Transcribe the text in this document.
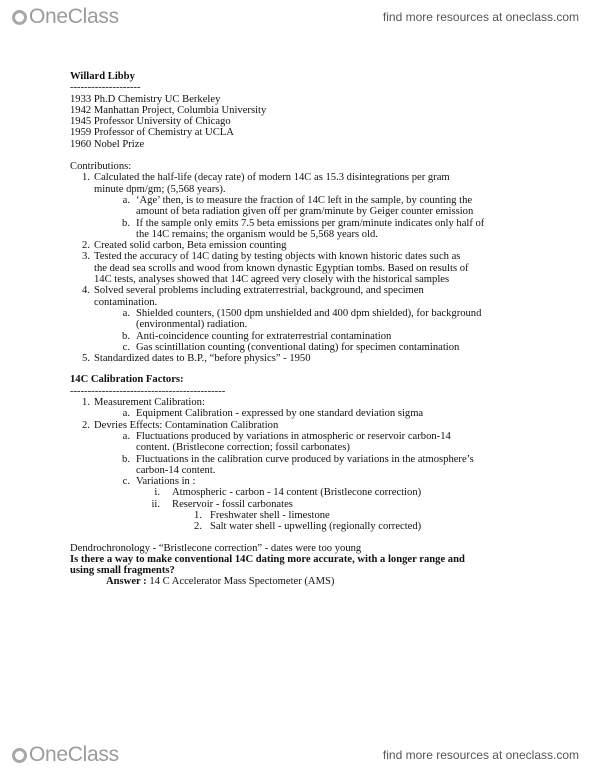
OneClass	find more resources at oneclass.com
Willard Libby
--------------------
1933 Ph.D Chemistry UC Berkeley
1942 Manhattan Project, Columbia University
1945 Professor University of Chicago
1959 Professor of Chemistry at UCLA
1960 Nobel Prize
Contributions:
1. Calculated the half-life (decay rate) of modern 14C as 15.3 disintegrations per gram
minute dpm/gm; (5,568 years).
a. ‘Age’ then, is to measure the fraction of 14C left in the sample, by counting the
amount of beta radiation given off per gram/minute by Geiger counter emission
b. If the sample only emits 7.5 beta emissions per gram/minute indicates only half of
the 14C remains; the organism would be 5,568 years old.
2. Created solid carbon, Beta emission counting
3. Tested the accuracy of 14C dating by testing objects with known historic dates such as
the dead sea scrolls and wood from known dynastic Egyptian tombs. Based on results of
14C tests, analyses showed that 14C agreed very closely with the historical samples
4. Solved several problems including extraterrestrial, background, and specimen
contamination.
a. Shielded counters, (1500 dpm unshielded and 400 dpm shielded), for background
(environmental) radiation.
b. Anti-coincidence counting for extraterrestrial contamination
c. Gas scintillation counting (conventional dating) for specimen contamination
5. Standardized dates to B.P., “before physics” - 1950
14C Calibration Factors:
--------------------------------------------
1. Measurement Calibration:
a. Equipment Calibration - expressed by one standard deviation sigma
2. Devries Effects: Contamination Calibration
a. Fluctuations produced by variations in atmospheric or reservoir carbon-14
content. (Bristlecone correction; fossil carbonates)
b. Fluctuations in the calibration curve produced by variations in the atmosphere’s
carbon-14 content.
c. Variations in :
i. Atmospheric - carbon - 14 content (Bristlecone correction)
ii. Reservoir - fossil carbonates
1. Freshwater shell - limestone
2. Salt water shell - upwelling (regionally corrected)
Dendrochronology - “Bristlecone correction” - dates were too young
Is there a way to make conventional 14C dating more accurate, with a longer range and
using small fragments?
Answer : 14 C Accelerator Mass Spectometer (AMS)
OneClass	find more resources at oneclass.com
